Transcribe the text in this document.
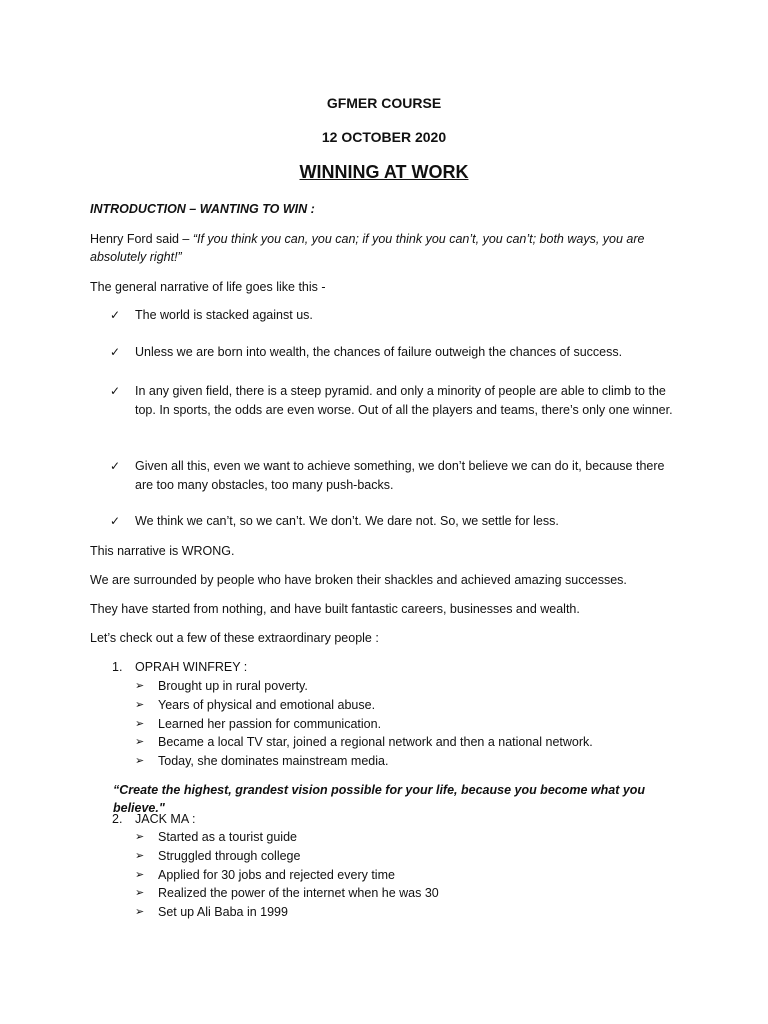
GFMER COURSE
12 OCTOBER 2020
WINNING AT WORK
INTRODUCTION – WANTING TO WIN :
Henry Ford said – “If you think you can, you can; if you think you can’t, you can’t; both ways, you are absolutely right!”
The general narrative of life goes like this -
✓ The world is stacked against us.
✓ Unless we are born into wealth, the chances of failure outweigh the chances of success.
✓ In any given field, there is a steep pyramid. and only a minority of people are able to climb to the top. In sports, the odds are even worse. Out of all the players and teams, there’s only one winner.
✓ Given all this, even we want to achieve something, we don’t believe we can do it, because there are too many obstacles, too many push-backs.
✓ We think we can’t, so we can’t. We don’t. We dare not. So, we settle for less.
This narrative is WRONG.
We are surrounded by people who have broken their shackles and achieved amazing successes.
They have started from nothing, and have built fantastic careers, businesses and wealth.
Let’s check out a few of these extraordinary people :
1. OPRAH WINFREY :
➢ Brought up in rural poverty.
➢ Years of physical and emotional abuse.
➢ Learned her passion for communication.
➢ Became a local TV star, joined a regional network and then a national network.
➢ Today, she dominates mainstream media.
“Create the highest, grandest vision possible for your life, because you become what you believe."
2. JACK MA :
➢ Started as a tourist guide
➢ Struggled through college
➢ Applied for 30 jobs and rejected every time
➢ Realized the power of the internet when he was 30
➢ Set up Ali Baba in 1999
